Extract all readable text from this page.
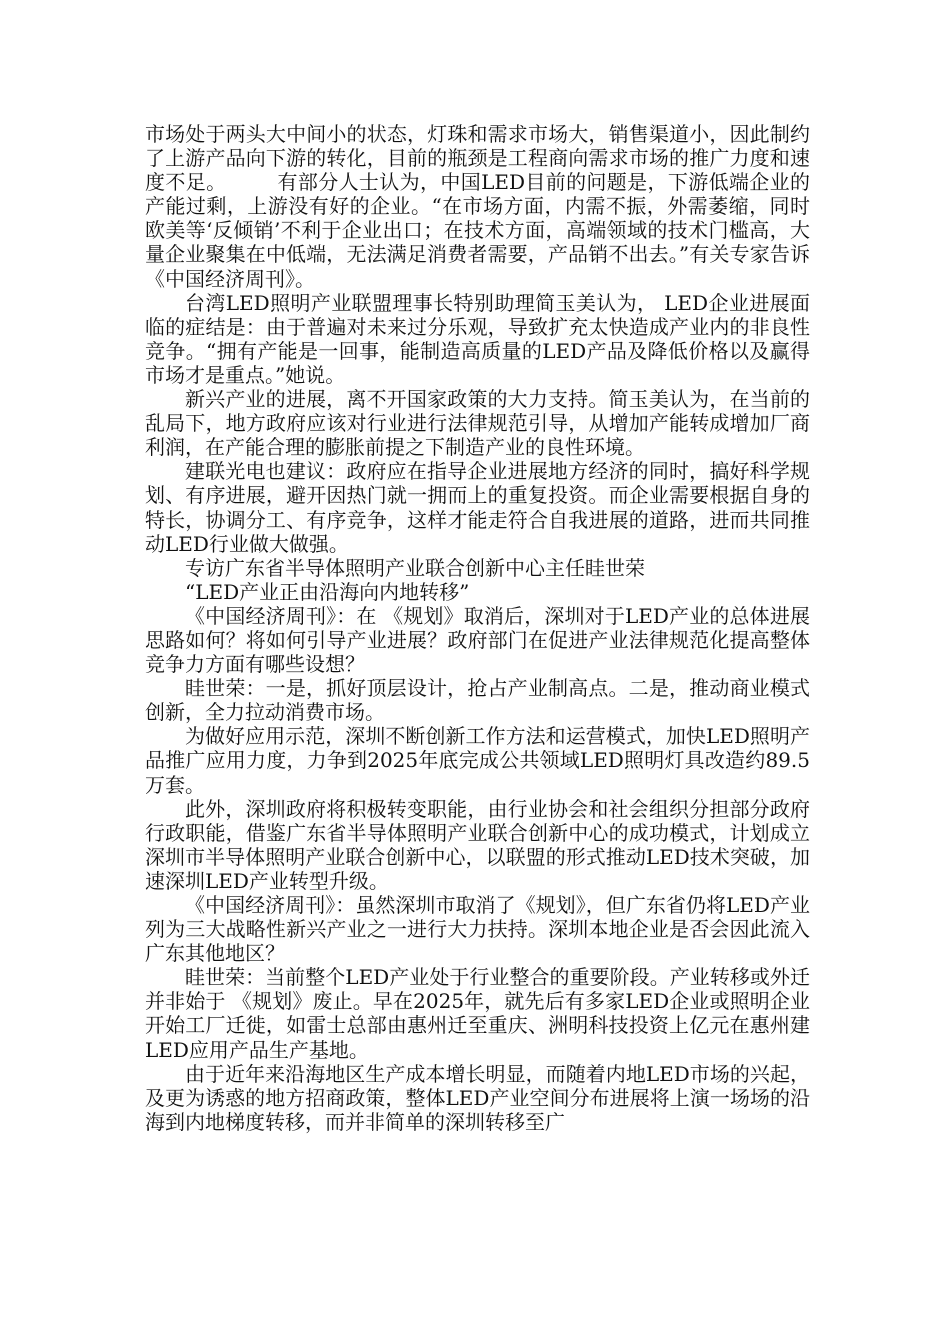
市场处于两头大中间小的状态，灯珠和需求市场大，销售渠道小，因此制约了上游产品向下游的转化，目前的瓶颈是工程商向需求市场的推广力度和速度不足。　　　有部分人士认为，中国LED目前的问题是，下游低端企业的产能过剩，上游没有好的企业。“在市场方面，内需不振，外需萎缩，同时欧美等‘反倾销’不利于企业出口；在技术方面，高端领域的技术门槛高，大量企业聚集在中低端，无法满足消费者需要，产品销不出去。”有关专家告诉《中国经济周刊》。

台湾LED照明产业联盟理事长特别助理简玉美认为， LED企业进展面临的症结是：由于普遍对未来过分乐观，导致扩充太快造成产业内的非良性竞争。“拥有产能是一回事，能制造高质量的LED产品及降低价格以及赢得市场才是重点。”她说。

新兴产业的进展，离不开国家政策的大力支持。简玉美认为，在当前的乱局下，地方政府应该对行业进行法律规范引导，从增加产能转成增加厂商利润，在产能合理的膨胀前提之下制造产业的良性环境。

建联光电也建议：政府应在指导企业进展地方经济的同时，搞好科学规划、有序进展，避开因热门就一拥而上的重复投资。而企业需要根据自身的特长，协调分工、有序竞争，这样才能走符合自我进展的道路，进而共同推动LED行业做大做强。

专访广东省半导体照明产业联合创新中心主任眭世荣

“LED产业正由沿海向内地转移”

《中国经济周刊》：在 《规划》取消后，深圳对于LED产业的总体进展思路如何？将如何引导产业进展？政府部门在促进产业法律规范化提高整体竞争力方面有哪些设想？

眭世荣：一是，抓好顶层设计，抢占产业制高点。二是，推动商业模式创新，全力拉动消费市场。

为做好应用示范，深圳不断创新工作方法和运营模式，加快LED照明产品推广应用力度，力争到2025年底完成公共领域LED照明灯具改造约89.5万套。

此外，深圳政府将积极转变职能，由行业协会和社会组织分担部分政府行政职能，借鉴广东省半导体照明产业联合创新中心的成功模式，计划成立深圳市半导体照明产业联合创新中心，以联盟的形式推动LED技术突破，加速深圳LED产业转型升级。

《中国经济周刊》：虽然深圳市取消了《规划》，但广东省仍将LED产业列为三大战略性新兴产业之一进行大力扶持。深圳本地企业是否会因此流入广东其他地区？

眭世荣：当前整个LED产业处于行业整合的重要阶段。产业转移或外迁并非始于 《规划》废止。早在2025年，就先后有多家LED企业或照明企业开始工厂迁徙，如雷士总部由惠州迁至重庆、洲明科技投资上亿元在惠州建LED应用产品生产基地。

由于近年来沿海地区生产成本增长明显，而随着内地LED市场的兴起，及更为诱惑的地方招商政策，整体LED产业空间分布进展将上演一场场的沿海到内地梯度转移，而并非简单的深圳转移至广
